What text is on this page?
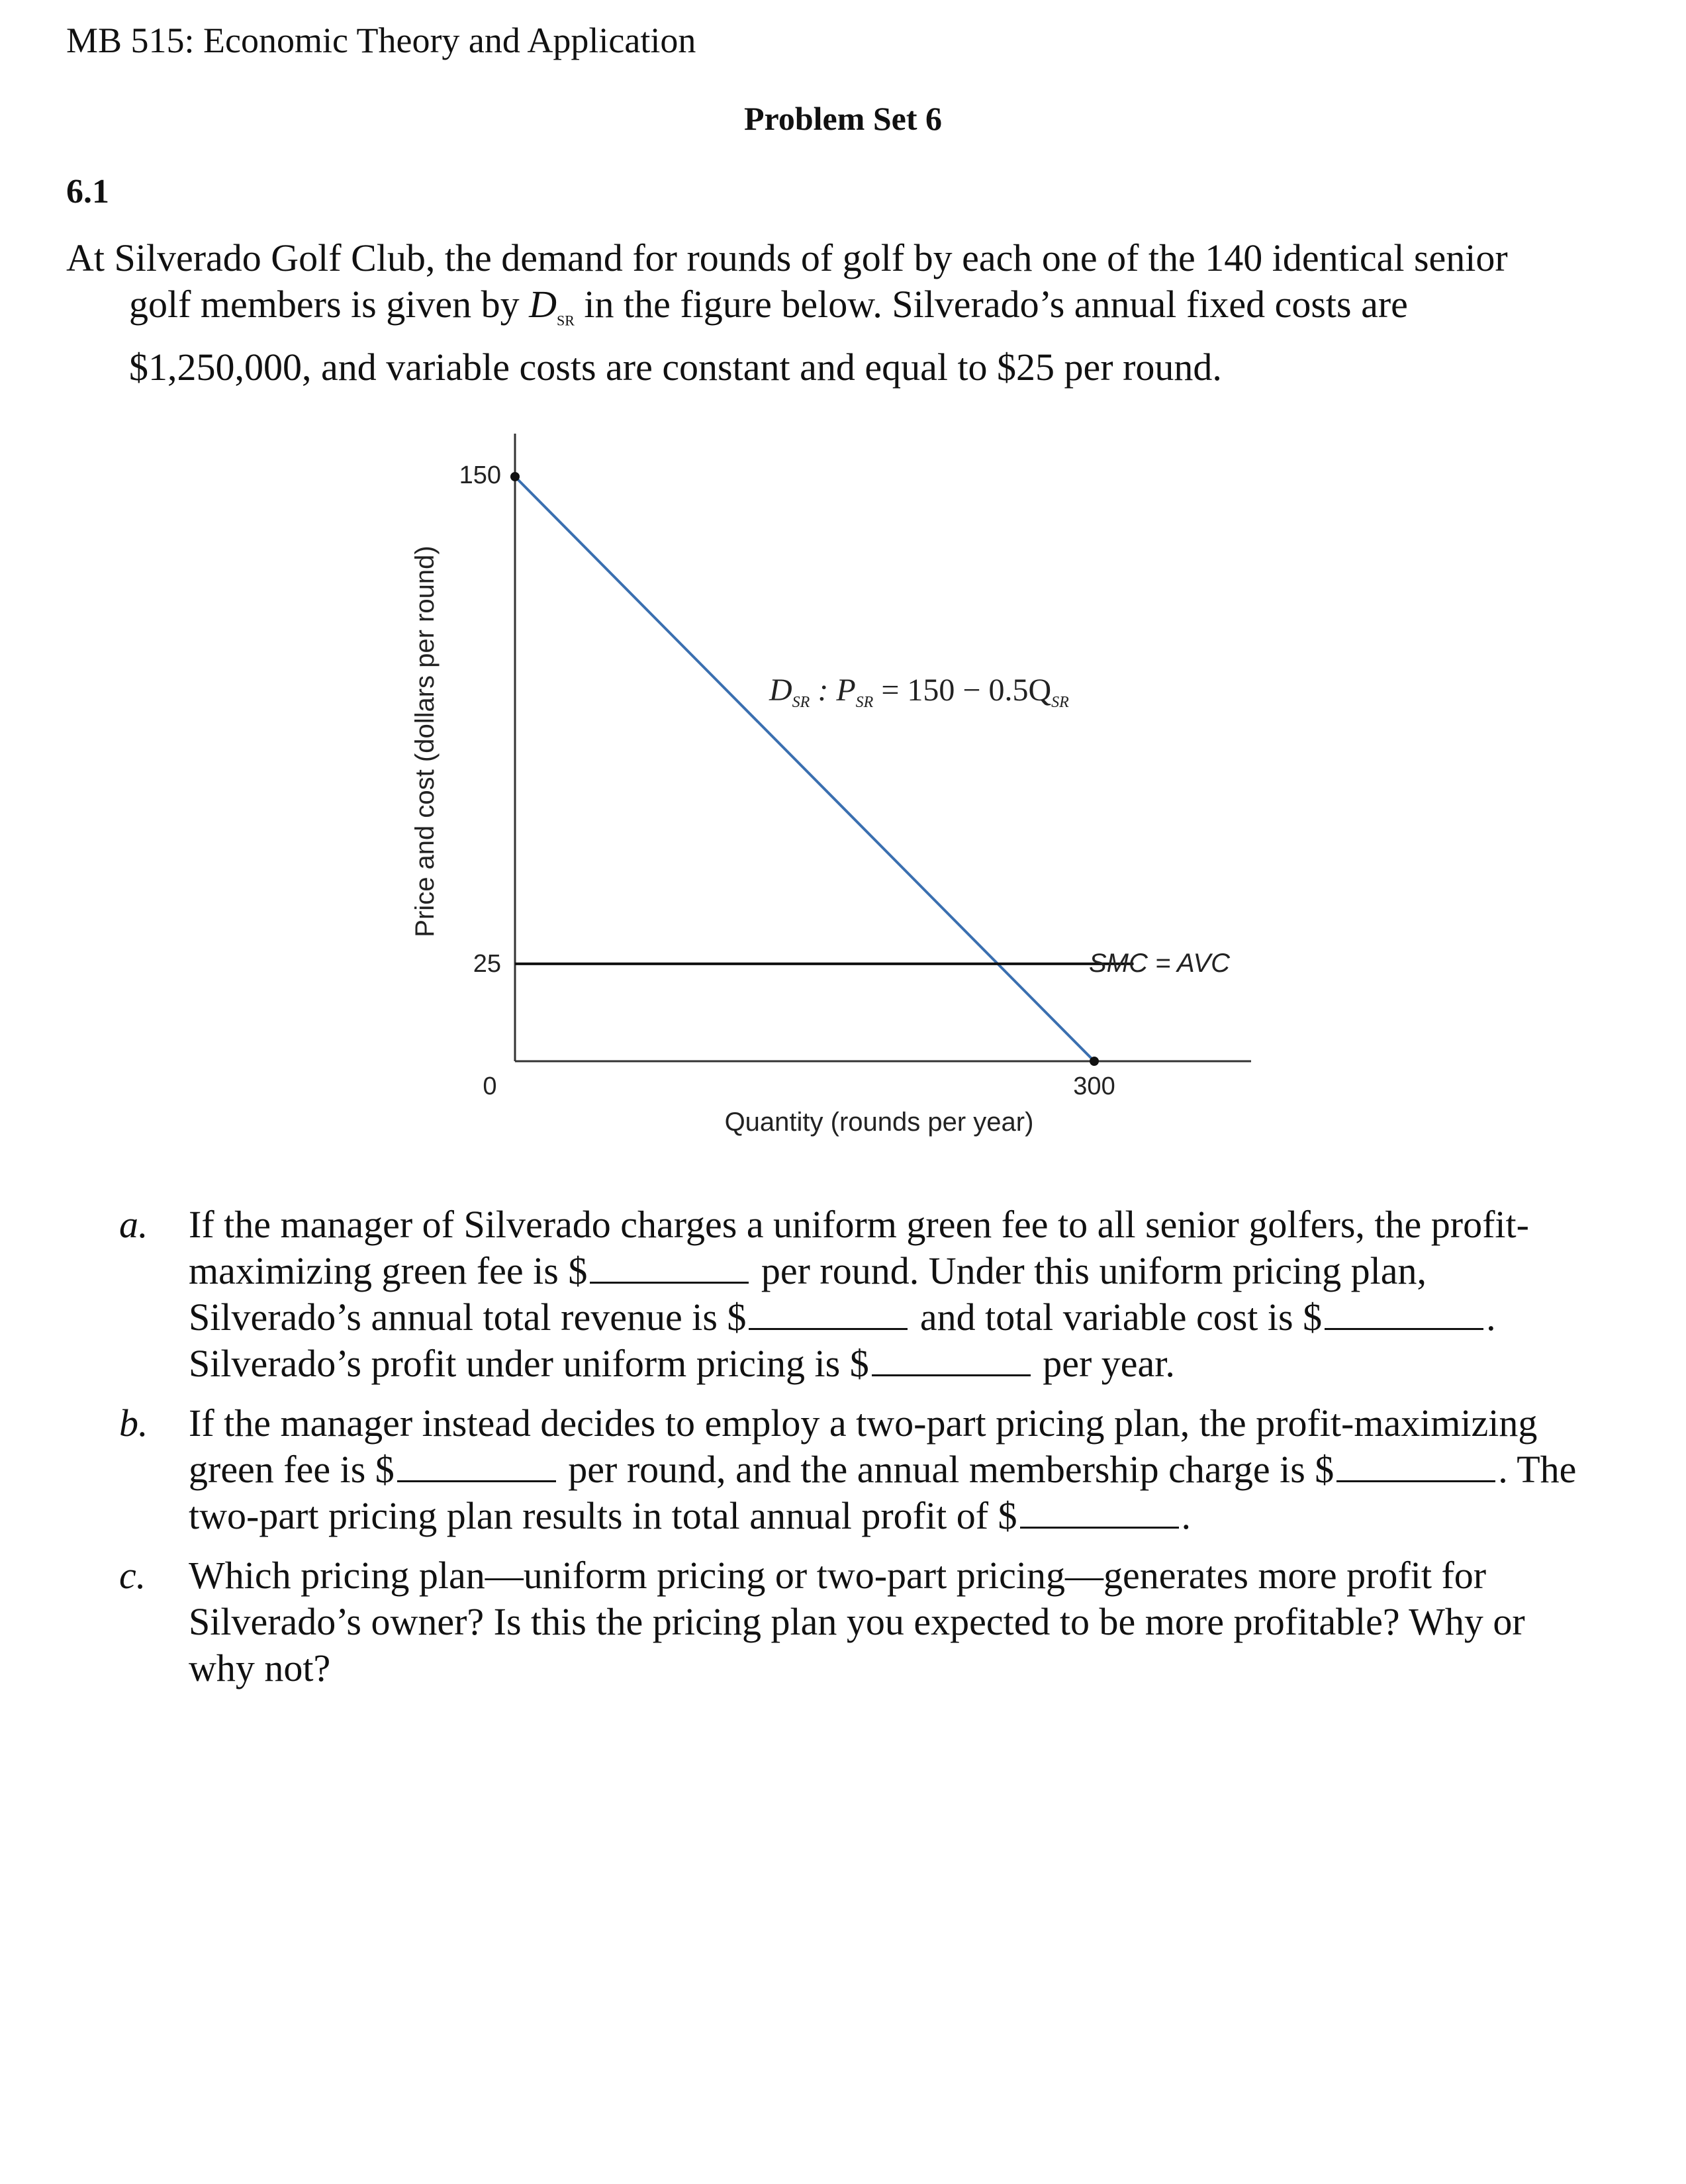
MB 515: Economic Theory and Application
Problem Set 6
6.1
At Silverado Golf Club, the demand for rounds of golf by each one of the 140 identical senior
golf members is given by $D_{SR}$ in the figure below. Silverado’s annual fixed costs are
$1,250,000, and variable costs are constant and equal to $25 per round.
150
25
0	300
Quantity (rounds per year)
Price and cost (dollars per round)
SMC = AVC
$D_{SR}$ : $P_{SR} = 150 - 0.5Q_{SR}$
a. If the manager of Silverado charges a uniform green fee to all senior golfers, the profit-
maximizing green fee is $	per round. Under this uniform pricing plan,
Silverado’s annual total revenue is $	and total variable cost is $	.
Silverado’s profit under uniform pricing is $	per year.
b. If the manager instead decides to employ a two-part pricing plan, the profit-maximizing
green fee is $	per round, and the annual membership charge is $	. The
two-part pricing plan results in total annual profit of $	.
c. Which pricing plan—uniform pricing or two-part pricing—generates more profit for
Silverado’s owner? Is this the pricing plan you expected to be more profitable? Why or
why not?
